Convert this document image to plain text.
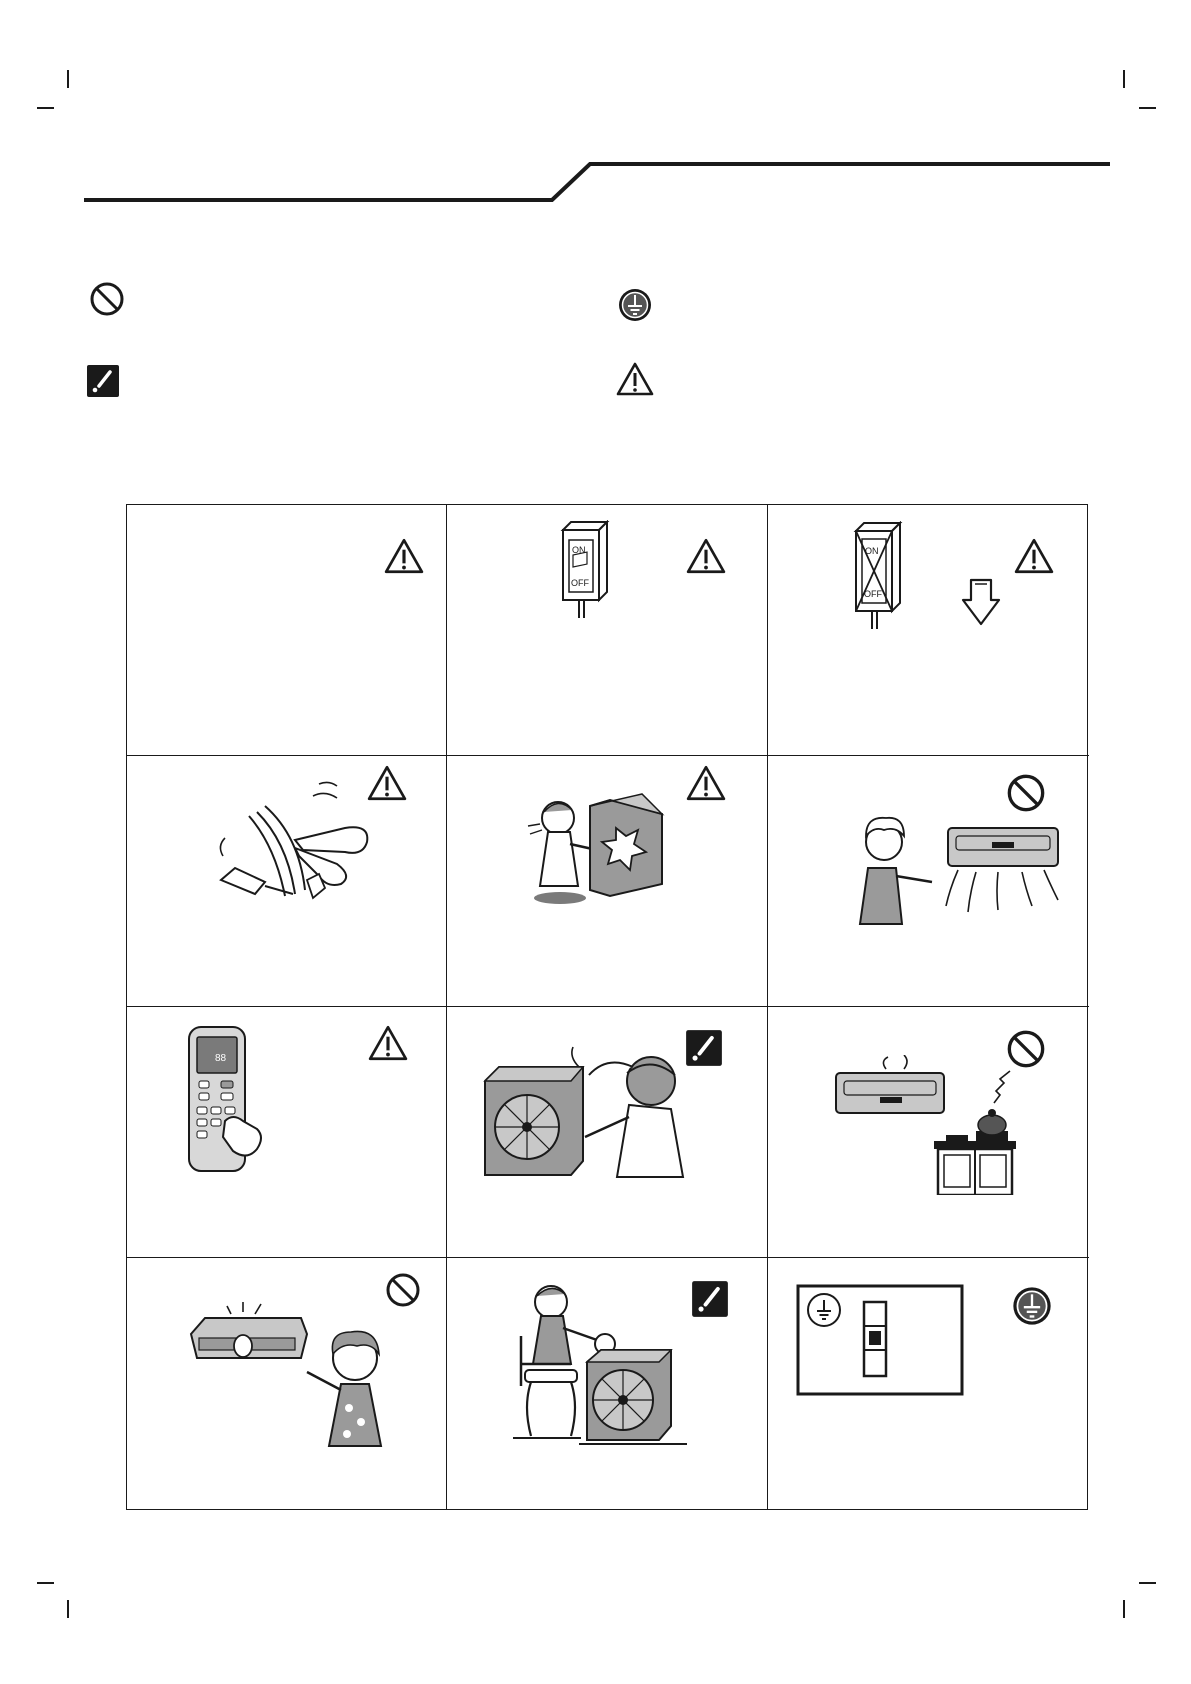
ON
OFF
ON
OFF
88
